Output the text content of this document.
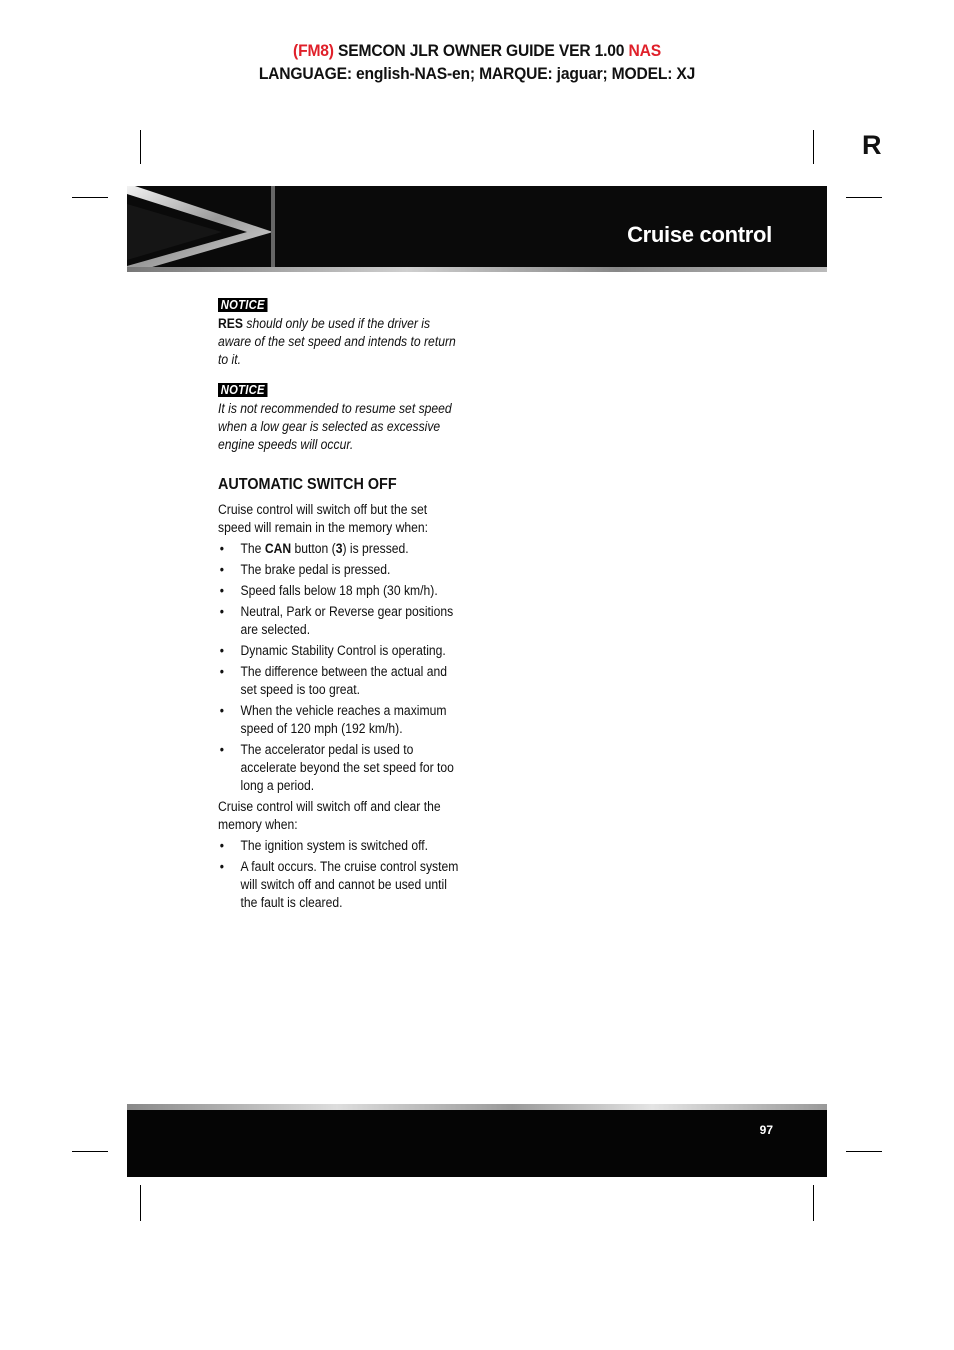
(FM8) SEMCON JLR OWNER GUIDE VER 1.00 NAS
LANGUAGE: english-NAS-en; MARQUE: jaguar; MODEL: XJ
R
Cruise control
NOTICE
RES should only be used if the driver is aware of the set speed and intends to return to it.
NOTICE
It is not recommended to resume set speed when a low gear is selected as excessive engine speeds will occur.
AUTOMATIC SWITCH OFF

Cruise control will switch off but the set speed will remain in the memory when:

• The CAN button (3) is pressed.
• The brake pedal is pressed.
• Speed falls below 18 mph (30 km/h).
• Neutral, Park or Reverse gear positions are selected.
• Dynamic Stability Control is operating.
• The difference between the actual and set speed is too great.
• When the vehicle reaches a maximum speed of 120 mph (192 km/h).
• The accelerator pedal is used to accelerate beyond the set speed for too long a period.

Cruise control will switch off and clear the memory when:

• The ignition system is switched off.
• A fault occurs. The cruise control system will switch off and cannot be used until the fault is cleared.
97
